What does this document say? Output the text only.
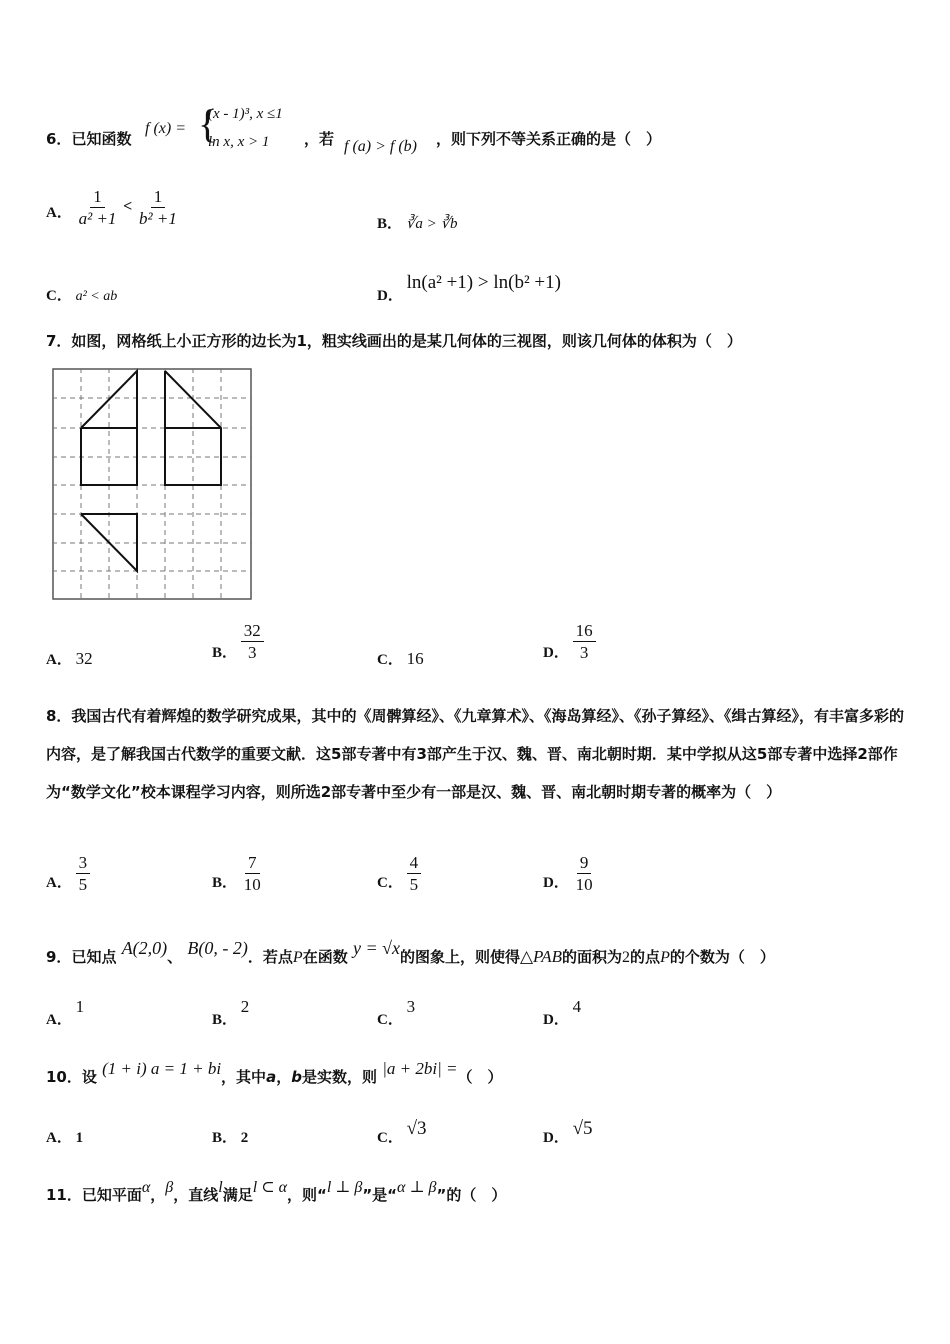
6．已知函数
f (x) = {
(x - 1)³, x ≤1
ln x, x > 1 ，若 f (a) > f (b) ，则下列不等关系正确的是（　）
A． $\frac{1}{\text{a² +1}} < \frac{1}{\text{b² +1}}$	B． ∛a > ∛b
C． a² < ab	D． ln(a² +1) > ln(b² +1)
7．如图，网格纸上小正方形的边长为1，粗实线画出的是某几何体的三视图，则该几何体的体积为（　）
A． 32	B． $\frac{32}{3}$	C． 16	D． $\frac{16}{3}$
8．我国古代有着辉煌的数学研究成果，其中的《周髀算经》、《九章算术》、《海岛算经》、《孙子算经》、《缉古算经》，有丰富多彩的内容，是了解我国古代数学的重要文献．这5部专著中有3部产生于汉、魏、晋、南北朝时期．某中学拟从这5部专著中选择2部作为“数学文化”校本课程学习内容，则所选2部专著中至少有一部是汉、魏、晋、南北朝时期专著的概率为（　）
A． $\frac{3}{5}$	B． $\frac{7}{10}$	C． $\frac{4}{5}$	D． $\frac{9}{10}$
9．已知点 A(2,0)、 B(0, - 2)．若点P在函数 y = √x的图象上，则使得△PAB的面积为2的点P的个数为（　）
A． 1
B． 2
C． 3
D． 4
10．设 (1 + i) a = 1 + bi，其中a，b是实数，则 |a + 2bi| =（　）
A． 1	B． 2	C． √3	D． √5
11．已知平面α，β，直线l满足l ⊂ α，则“l ⊥ β”是“α ⊥ β”的（　）
